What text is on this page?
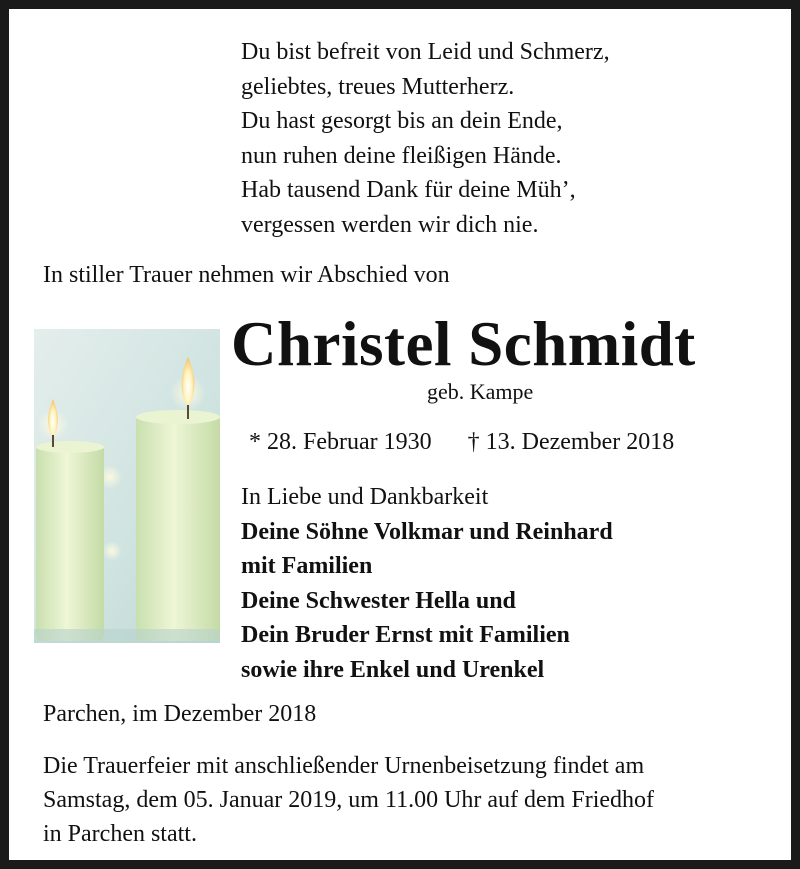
Du bist befreit von Leid und Schmerz,
geliebtes, treues Mutterherz.
Du hast gesorgt bis an dein Ende,
nun ruhen deine fleißigen Hände.
Hab tausend Dank für deine Müh’,
vergessen werden wir dich nie.
In stiller Trauer nehmen wir Abschied von
Christel Schmidt
geb. Kampe
* 28. Februar 1930 † 13. Dezember 2018
In Liebe und Dankbarkeit
Deine Söhne Volkmar und Reinhard
mit Familien
Deine Schwester Hella und
Dein Bruder Ernst mit Familien
sowie ihre Enkel und Urenkel
Parchen, im Dezember 2018
Die Trauerfeier mit anschließender Urnenbeisetzung findet am
Samstag, dem 05. Januar 2019, um 11.00 Uhr auf dem Friedhof
in Parchen statt.
